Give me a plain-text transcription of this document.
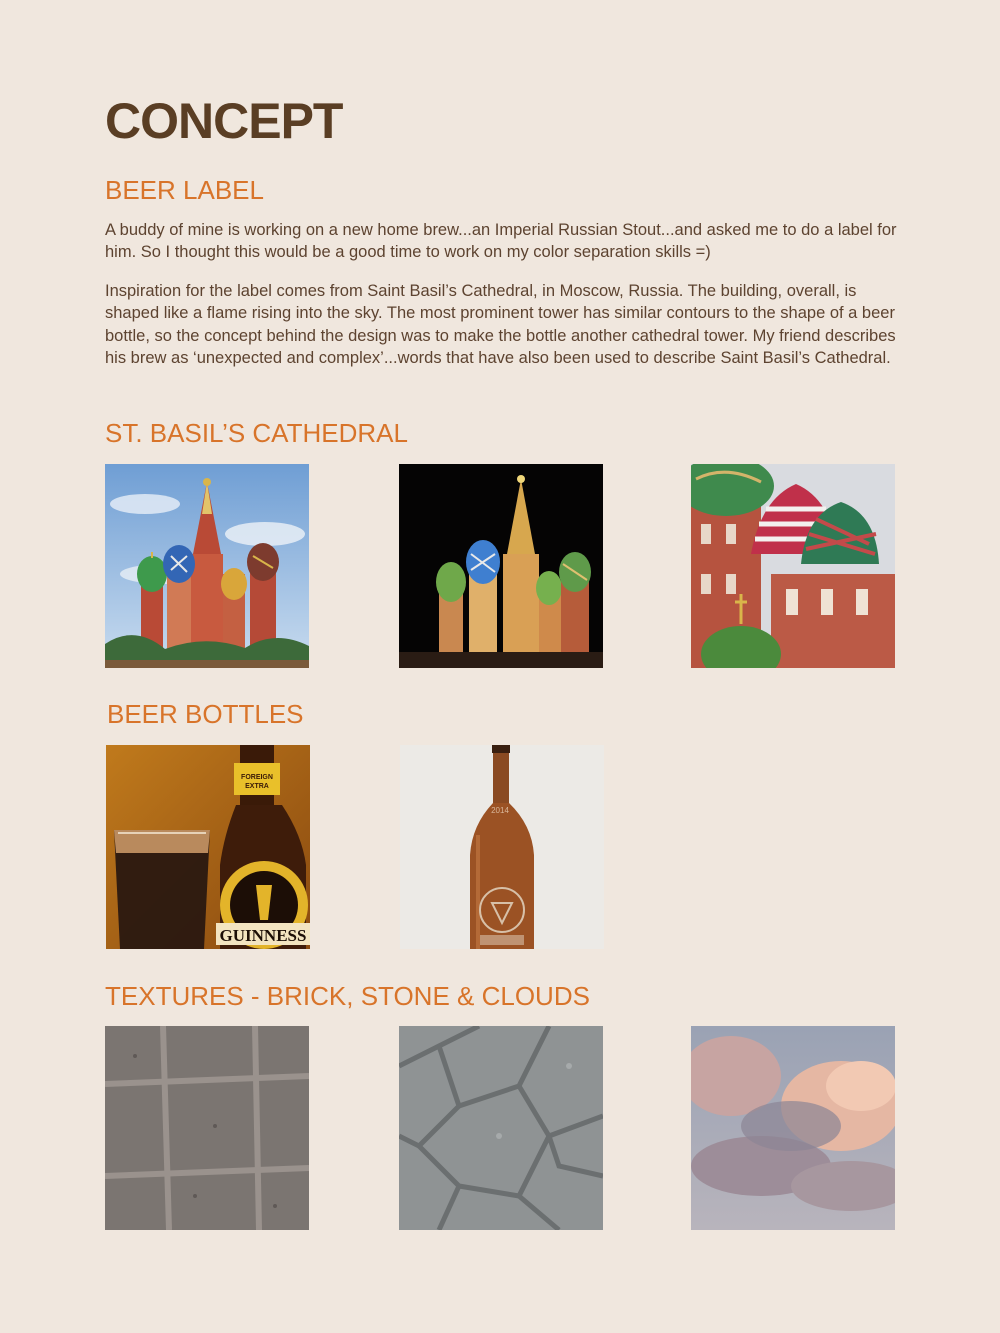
CONCEPT
BEER LABEL

A buddy of mine is working on a new home brew...an Imperial Russian Stout...and asked me to do a label for him. So I thought this would be a good time to work on my color separation skills =)

Inspiration for the label comes from Saint Basil’s Cathedral, in Moscow, Russia. The building, overall, is shaped like a flame rising into the sky. The most prominent tower has similar contours to the shape of a beer bottle, so the concept behind the design was to make the bottle another cathedral tower. My friend describes his brew as ‘unexpected and complex’...words that have also been used to describe Saint Basil’s Cathedral.

ST. BASIL’S CATHEDRAL
BEER BOTTLES
FOREIGN
EXTRA
GUINNESS
2014
TEXTURES - BRICK, STONE & CLOUDS
